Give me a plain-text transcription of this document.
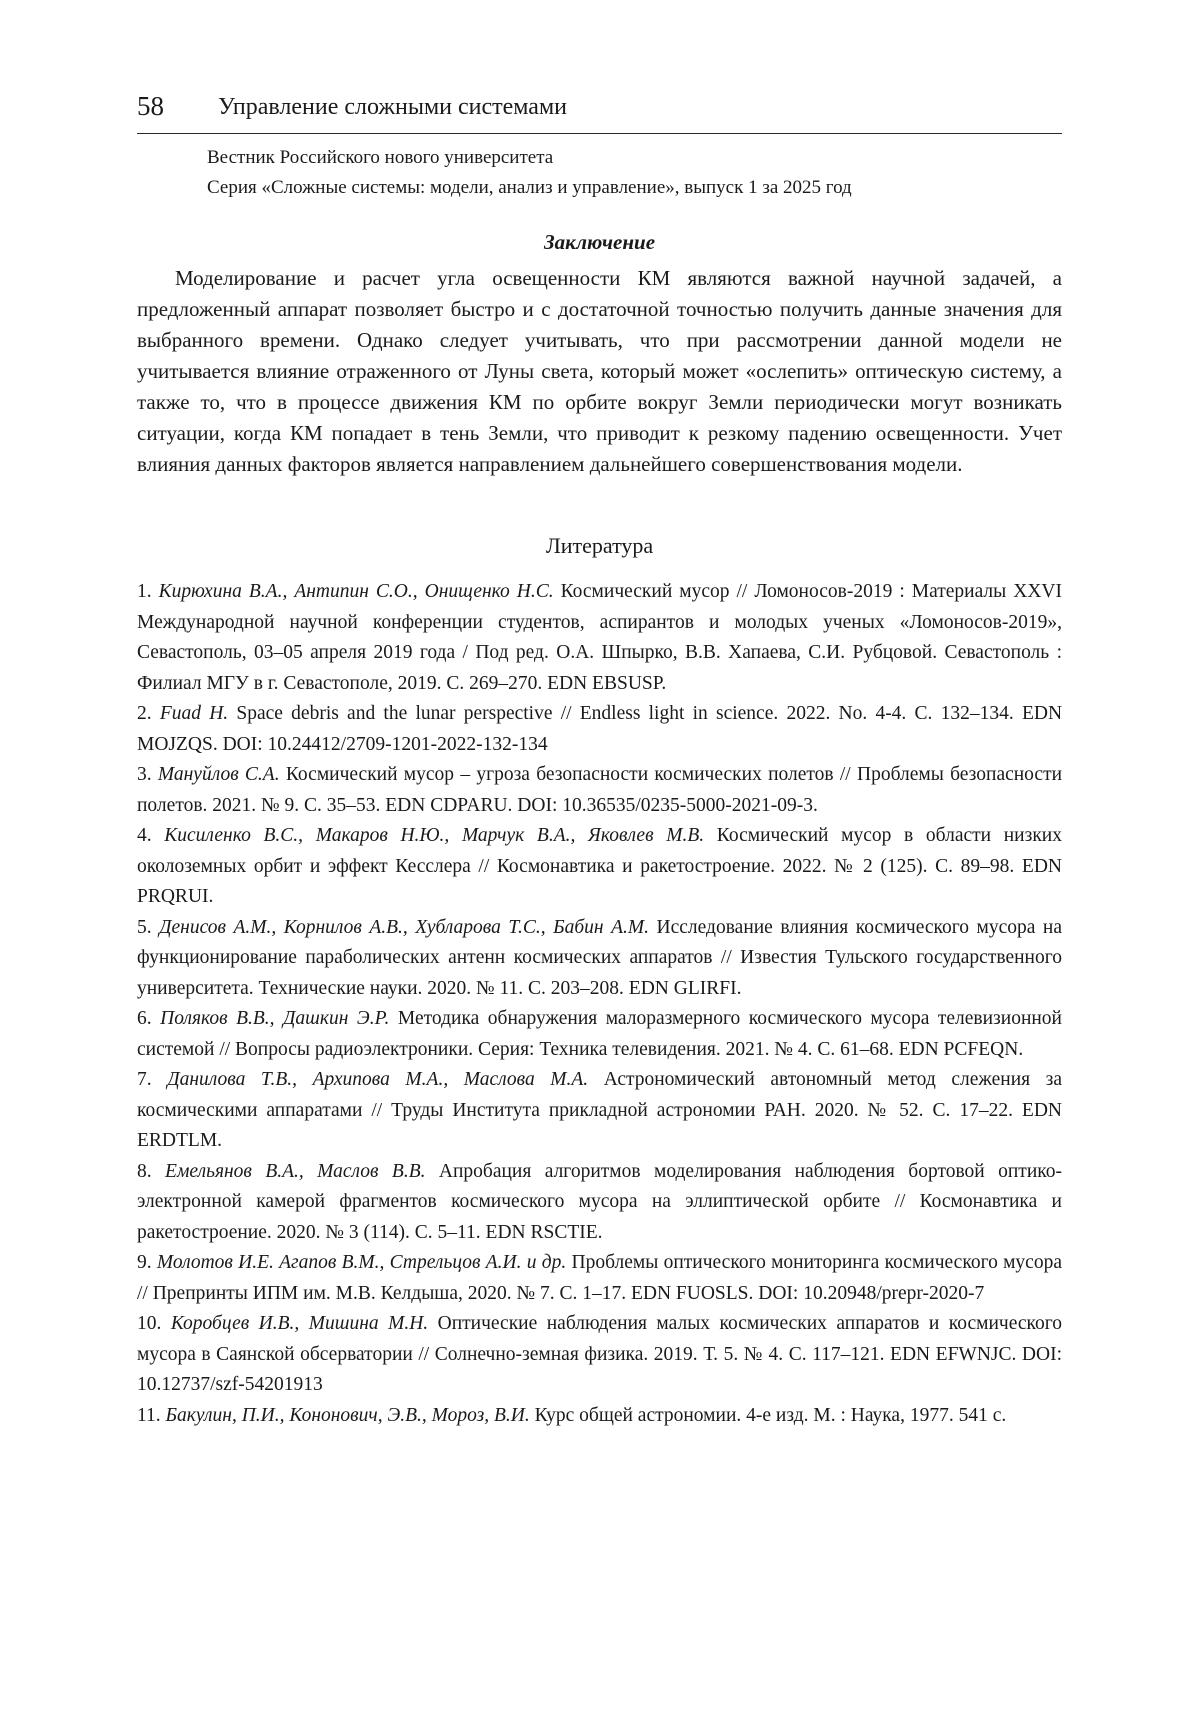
58 Управление сложными системами
Вестник Российского нового университета
Серия «Сложные системы: модели, анализ и управление», выпуск 1 за 2025 год
Заключение

Моделирование и расчет угла освещенности КМ являются важной научной задачей, а предложенный аппарат позволяет быстро и с достаточной точностью получить данные значения для выбранного времени. Однако следует учитывать, что при рассмотрении данной модели не учитывается влияние отраженного от Луны света, который может «ослепить» оптическую систему, а также то, что в процессе движения КМ по орбите вокруг Земли периодически могут возникать ситуации, когда КМ попадает в тень Земли, что приводит к резкому падению освещенности. Учет влияния данных факторов является направлением дальнейшего совершенствования модели.

Литература

1. Кирюхина В.А., Антипин С.О., Онищенко Н.С. Космический мусор // Ломоносов-2019 : Материалы XXVI Международной научной конференции студентов, аспирантов и молодых ученых «Ломоносов-2019», Севастополь, 03–05 апреля 2019 года / Под ред. О.А. Шпырко, В.В. Хапаева, С.И. Рубцовой. Севастополь : Филиал МГУ в г. Севастополе, 2019. С. 269–270. EDN EBSUSP.

2. Fuad H. Space debris and the lunar perspective // Endless light in science. 2022. No. 4-4. С. 132–134. EDN MOJZQS. DOI: 10.24412/2709-1201-2022-132-134

3. Мануйлов С.А. Космический мусор – угроза безопасности космических полетов // Проблемы безопасности полетов. 2021. № 9. С. 35–53. EDN CDPARU. DOI: 10.36535/0235-5000-2021-09-3.

4. Кисиленко В.С., Макаров Н.Ю., Марчук В.А., Яковлев М.В. Космический мусор в области низких околоземных орбит и эффект Кесслера // Космонавтика и ракетостроение. 2022. № 2 (125). С. 89–98. EDN PRQRUI.

5. Денисов А.М., Корнилов А.В., Хубларова Т.С., Бабин А.М. Исследование влияния космического мусора на функционирование параболических антенн космических аппаратов // Известия Тульского государственного университета. Технические науки. 2020. № 11. С. 203–208. EDN GLIRFI.

6. Поляков В.В., Дашкин Э.Р. Методика обнаружения малоразмерного космического мусора телевизионной системой // Вопросы радиоэлектроники. Серия: Техника телевидения. 2021. № 4. С. 61–68. EDN PCFEQN.

7. Данилова Т.В., Архипова М.А., Маслова М.А. Астрономический автономный метод слежения за космическими аппаратами // Труды Института прикладной астрономии РАН. 2020. № 52. С. 17–22. EDN ERDTLM.

8. Емельянов В.А., Маслов В.В. Апробация алгоритмов моделирования наблюдения бортовой оптико-электронной камерой фрагментов космического мусора на эллиптической орбите // Космонавтика и ракетостроение. 2020. № 3 (114). С. 5–11. EDN RSCTIE.

9. Молотов И.Е. Агапов В.М., Стрельцов А.И. и др. Проблемы оптического мониторинга космического мусора // Препринты ИПМ им. М.В. Келдыша, 2020. № 7. С. 1–17. EDN FUOSLS. DOI: 10.20948/prepr-2020-7

10. Коробцев И.В., Мишина М.Н. Оптические наблюдения малых космических аппаратов и космического мусора в Саянской обсерватории // Солнечно-земная физика. 2019. Т. 5. № 4. С. 117–121. EDN EFWNJC. DOI: 10.12737/szf-54201913

11. Бакулин, П.И., Кононович, Э.В., Мороз, В.И. Курс общей астрономии. 4-е изд. М. : Наука, 1977. 541 с.
